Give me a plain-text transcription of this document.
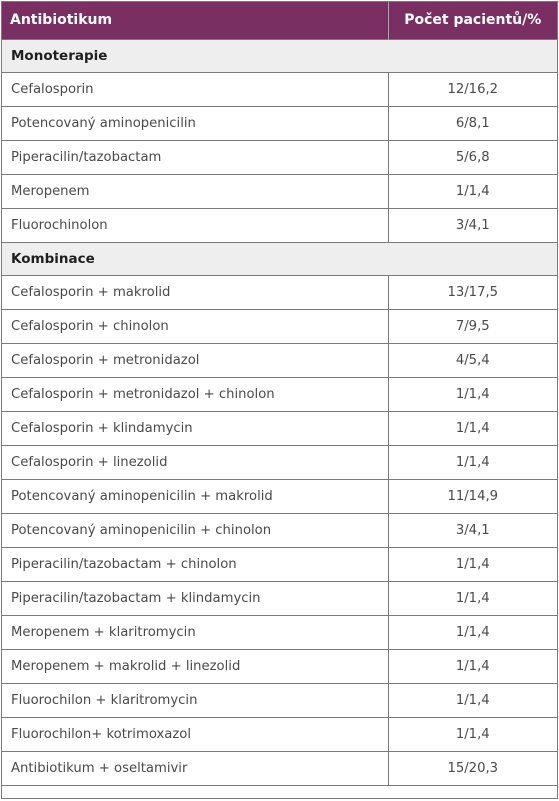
Antibiotikum	Počet pacientů/%
Monoterapie	
Cefalosporin	12/16,2
Potencovaný aminopenicilin	6/8,1
Piperacilin/tazobactam	5/6,8
Meropenem	1/1,4
Fluorochinolon	3/4,1
Kombinace	
Cefalosporin + makrolid	13/17,5
Cefalosporin + chinolon	7/9,5
Cefalosporin + metronidazol	4/5,4
Cefalosporin + metronidazol + chinolon	1/1,4
Cefalosporin + klindamycin	1/1,4
Cefalosporin + linezolid	1/1,4
Potencovaný aminopenicilin + makrolid	11/14,9
Potencovaný aminopenicilin + chinolon	3/4,1
Piperacilin/tazobactam + chinolon	1/1,4
Piperacilin/tazobactam + klindamycin	1/1,4
Meropenem + klaritromycin	1/1,4
Meropenem + makrolid + linezolid	1/1,4
Fluorochilon + klaritromycin	1/1,4
Fluorochilon+ kotrimoxazol	1/1,4
Antibiotikum + oseltamivir	15/20,3
